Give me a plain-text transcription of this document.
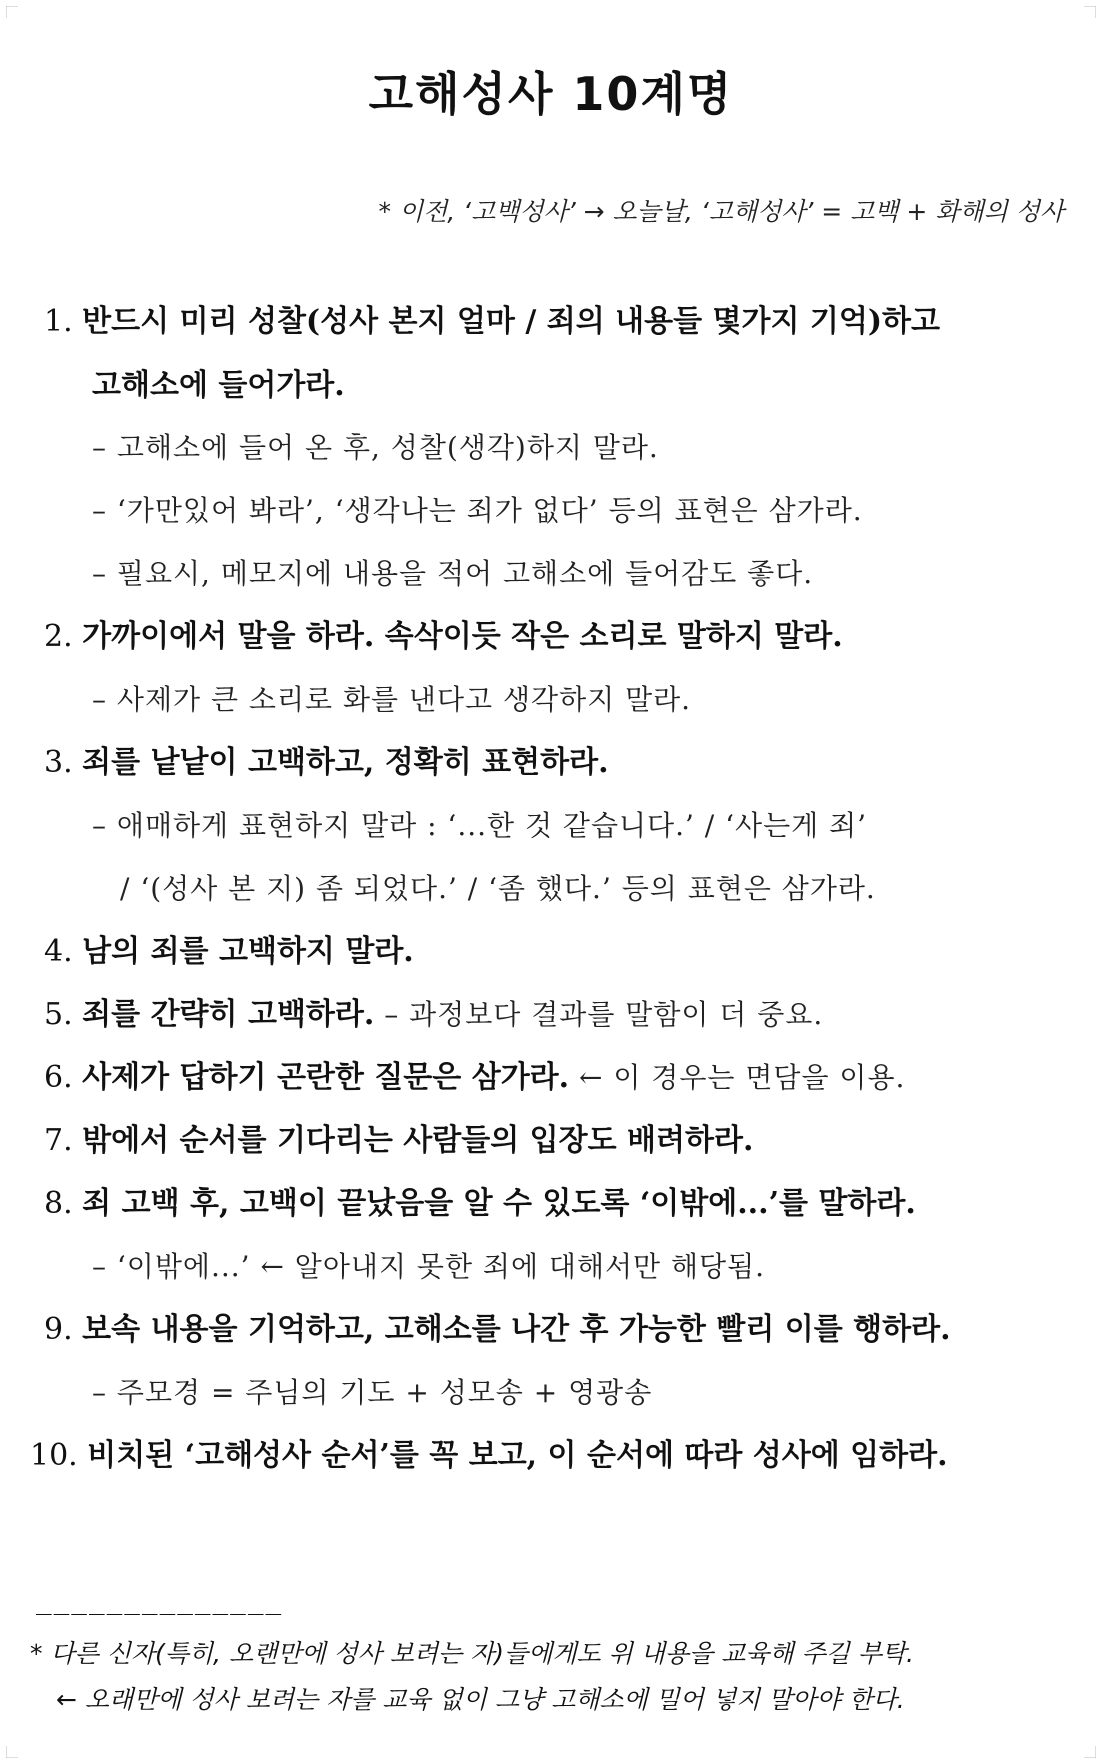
고해성사 10계명
* 이전, ‘고백성사’ → 오늘날, ‘고해성사’ = 고백 + 화해의 성사
1. 반드시 미리 성찰(성사 본지 얼마 / 죄의 내용들 몇가지 기억)하고
고해소에 들어가라.
– 고해소에 들어 온 후, 성찰(생각)하지 말라.
– ‘가만있어 봐라’, ‘생각나는 죄가 없다’ 등의 표현은 삼가라.
– 필요시, 메모지에 내용을 적어 고해소에 들어감도 좋다.
2. 가까이에서 말을 하라. 속삭이듯 작은 소리로 말하지 말라.
– 사제가 큰 소리로 화를 낸다고 생각하지 말라.
3. 죄를 낱낱이 고백하고, 정확히 표현하라.
– 애매하게 표현하지 말라 : ‘...한 것 같습니다.’ / ‘사는게 죄’
/ ‘(성사 본 지) 좀 되었다.’ / ‘좀 했다.’ 등의 표현은 삼가라.
4. 남의 죄를 고백하지 말라.
5. 죄를 간략히 고백하라. – 과정보다 결과를 말함이 더 중요.
6. 사제가 답하기 곤란한 질문은 삼가라. ← 이 경우는 면담을 이용.
7. 밖에서 순서를 기다리는 사람들의 입장도 배려하라.
8. 죄 고백 후, 고백이 끝났음을 알 수 있도록 ‘이밖에...’를 말하라.
– ‘이밖에...’ ← 알아내지 못한 죄에 대해서만 해당됨.
9. 보속 내용을 기억하고, 고해소를 나간 후 가능한 빨리 이를 행하라.
– 주모경 = 주님의 기도 + 성모송 + 영광송
10. 비치된 ‘고해성사 순서’를 꼭 보고, 이 순서에 따라 성사에 임하라.
______________
* 다른 신자(특히, 오랜만에 성사 보려는 자)들에게도 위 내용을 교육해 주길 부탁.
← 오래만에 성사 보려는 자를 교육 없이 그냥 고해소에 밀어 넣지 말아야 한다.
